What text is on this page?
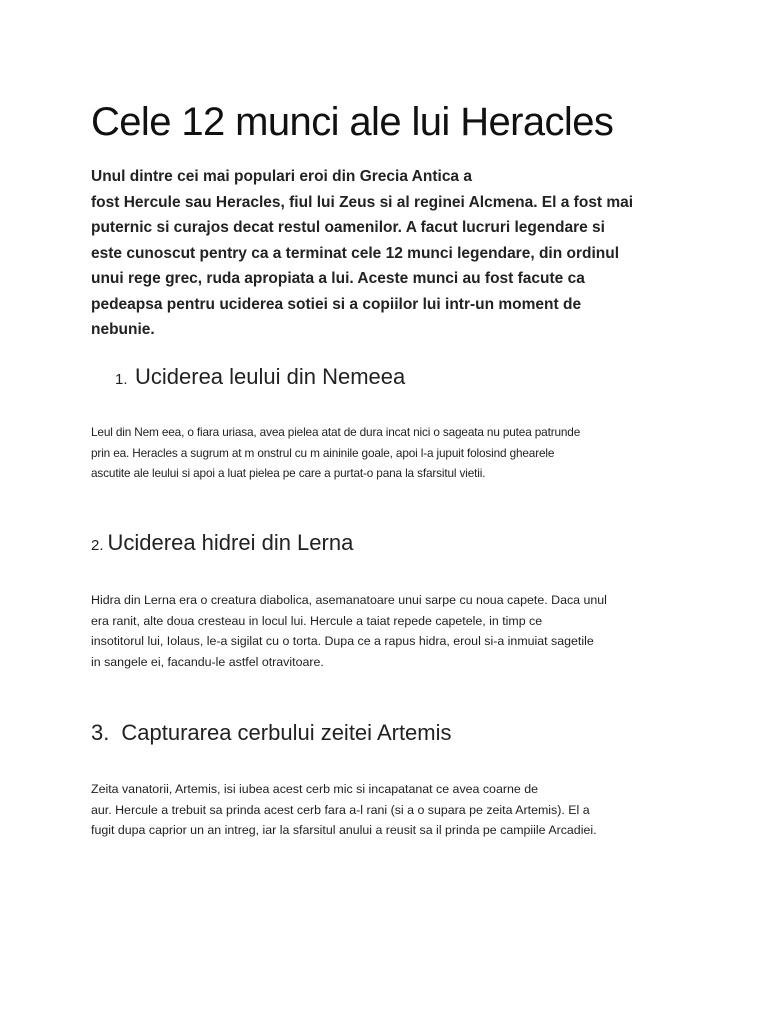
Cele 12 munci ale lui Heracles

Unul dintre cei mai populari eroi din Grecia Antica a
fost Hercule sau Heracles, fiul lui Zeus si al reginei Alcmena. El a fost mai
puternic si curajos decat restul oamenilor. A facut lucruri legendare si
este cunoscut pentry ca a terminat cele 12 munci legendare, din ordinul
unui rege grec, ruda apropiata a lui. Aceste munci au fost facute ca
pedeapsa pentru uciderea sotiei si a copiilor lui intr-un moment de
nebunie.

1. Uciderea leului din Nemeea

Leul din Nem eea, o fiara uriasa, avea pielea atat de dura incat nici o sageata nu putea patrunde
prin ea. Heracles a sugrum at m onstrul cu m aininile goale, apoi l-a jupuit folosind ghearele
ascutite ale leului si apoi a luat pielea pe care a purtat-o pana la sfarsitul vietii.

2. Uciderea hidrei din Lerna

Hidra din Lerna era o creatura diabolica, asemanatoare unui sarpe cu noua capete. Daca unul
era ranit, alte doua cresteau in locul lui. Hercule a taiat repede capetele, in timp ce
insotitorul lui, Iolaus, le-a sigilat cu o torta. Dupa ce a rapus hidra, eroul si-a inmuiat sagetile
in sangele ei, facandu-le astfel otravitoare.

3. Capturarea cerbului zeitei Artemis

Zeita vanatorii, Artemis, isi iubea acest cerb mic si incapatanat ce avea coarne de
aur. Hercule a trebuit sa prinda acest cerb fara a-l rani (si a o supara pe zeita Artemis). El a
fugit dupa caprior un an intreg, iar la sfarsitul anului a reusit sa il prinda pe campiile Arcadiei.
